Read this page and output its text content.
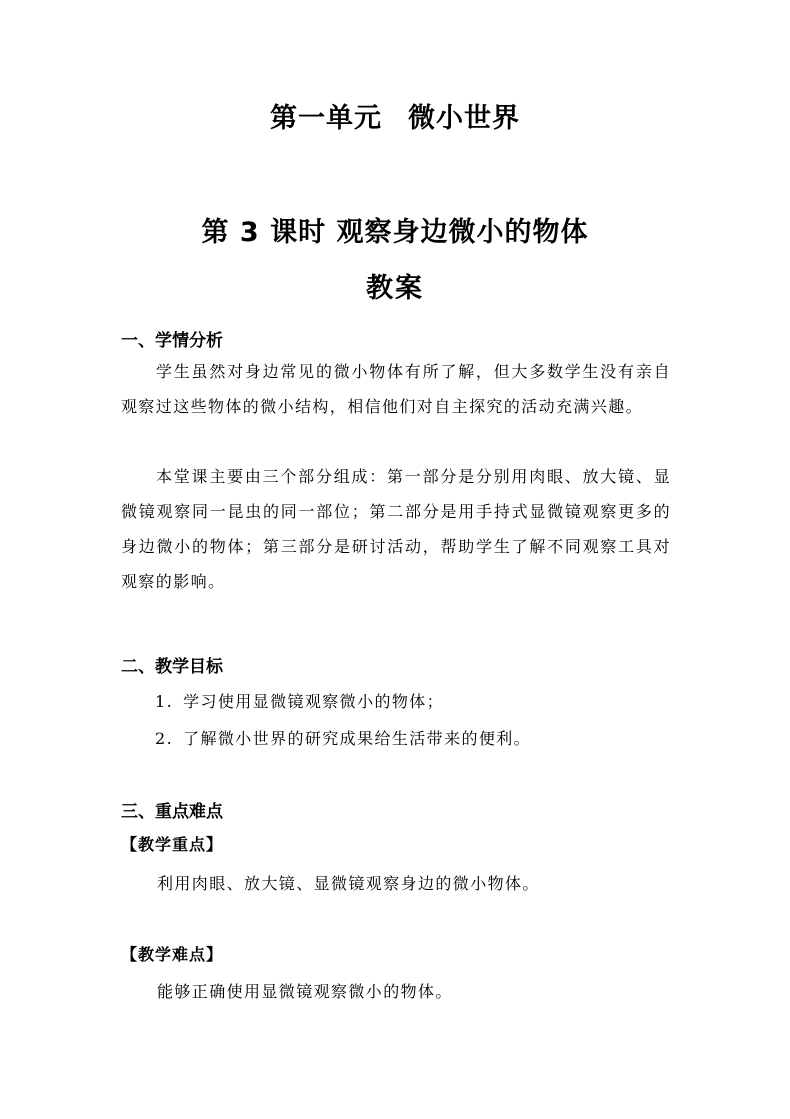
第一单元 微小世界
第 3 课时 观察身边微小的物体
教案
一、学情分析

学生虽然对身边常见的微小物体有所了解，但大多数学生没有亲自观察过这些物体的微小结构，相信他们对自主探究的活动充满兴趣。

本堂课主要由三个部分组成：第一部分是分别用肉眼、放大镜、显微镜观察同一昆虫的同一部位；第二部分是用手持式显微镜观察更多的身边微小的物体；第三部分是研讨活动，帮助学生了解不同观察工具对观察的影响。

二、教学目标

1. 学习使用显微镜观察微小的物体；

2. 了解微小世界的研究成果给生活带来的便利。

三、重点难点

【教学重点】

利用肉眼、放大镜、显微镜观察身边的微小物体。

【教学难点】

能够正确使用显微镜观察微小的物体。
